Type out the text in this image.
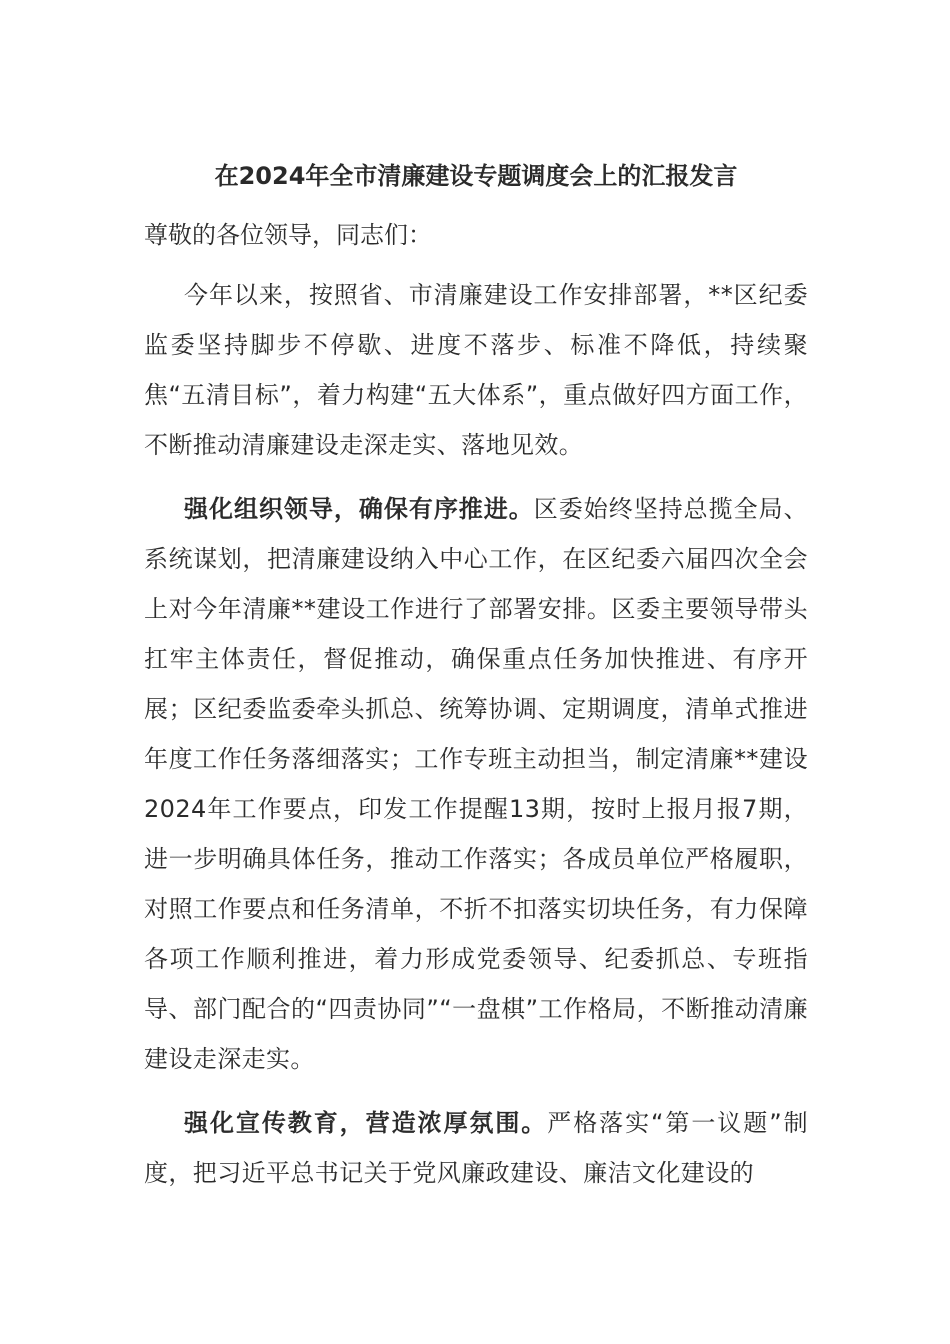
在2024年全市清廉建设专题调度会上的汇报发言
尊敬的各位领导，同志们：

今年以来，按照省、市清廉建设工作安排部署，**区纪委监委坚持脚步不停歇、进度不落步、标准不降低，持续聚焦“五清目标”，着力构建“五大体系”，重点做好四方面工作，不断推动清廉建设走深走实、落地见效。

强化组织领导，确保有序推进。区委始终坚持总揽全局、系统谋划，把清廉建设纳入中心工作，在区纪委六届四次全会上对今年清廉**建设工作进行了部署安排。区委主要领导带头扛牢主体责任，督促推动，确保重点任务加快推进、有序开展；区纪委监委牵头抓总、统筹协调、定期调度，清单式推进年度工作任务落细落实；工作专班主动担当，制定清廉**建设2024年工作要点，印发工作提醒13期，按时上报月报7期，进一步明确具体任务，推动工作落实；各成员单位严格履职，对照工作要点和任务清单，不折不扣落实切块任务，有力保障各项工作顺利推进，着力形成党委领导、纪委抓总、专班指导、部门配合的“四责协同”“一盘棋”工作格局，不断推动清廉建设走深走实。

强化宣传教育，营造浓厚氛围。严格落实“第一议题”制度，把习近平总书记关于党风廉政建设、廉洁文化建设的
